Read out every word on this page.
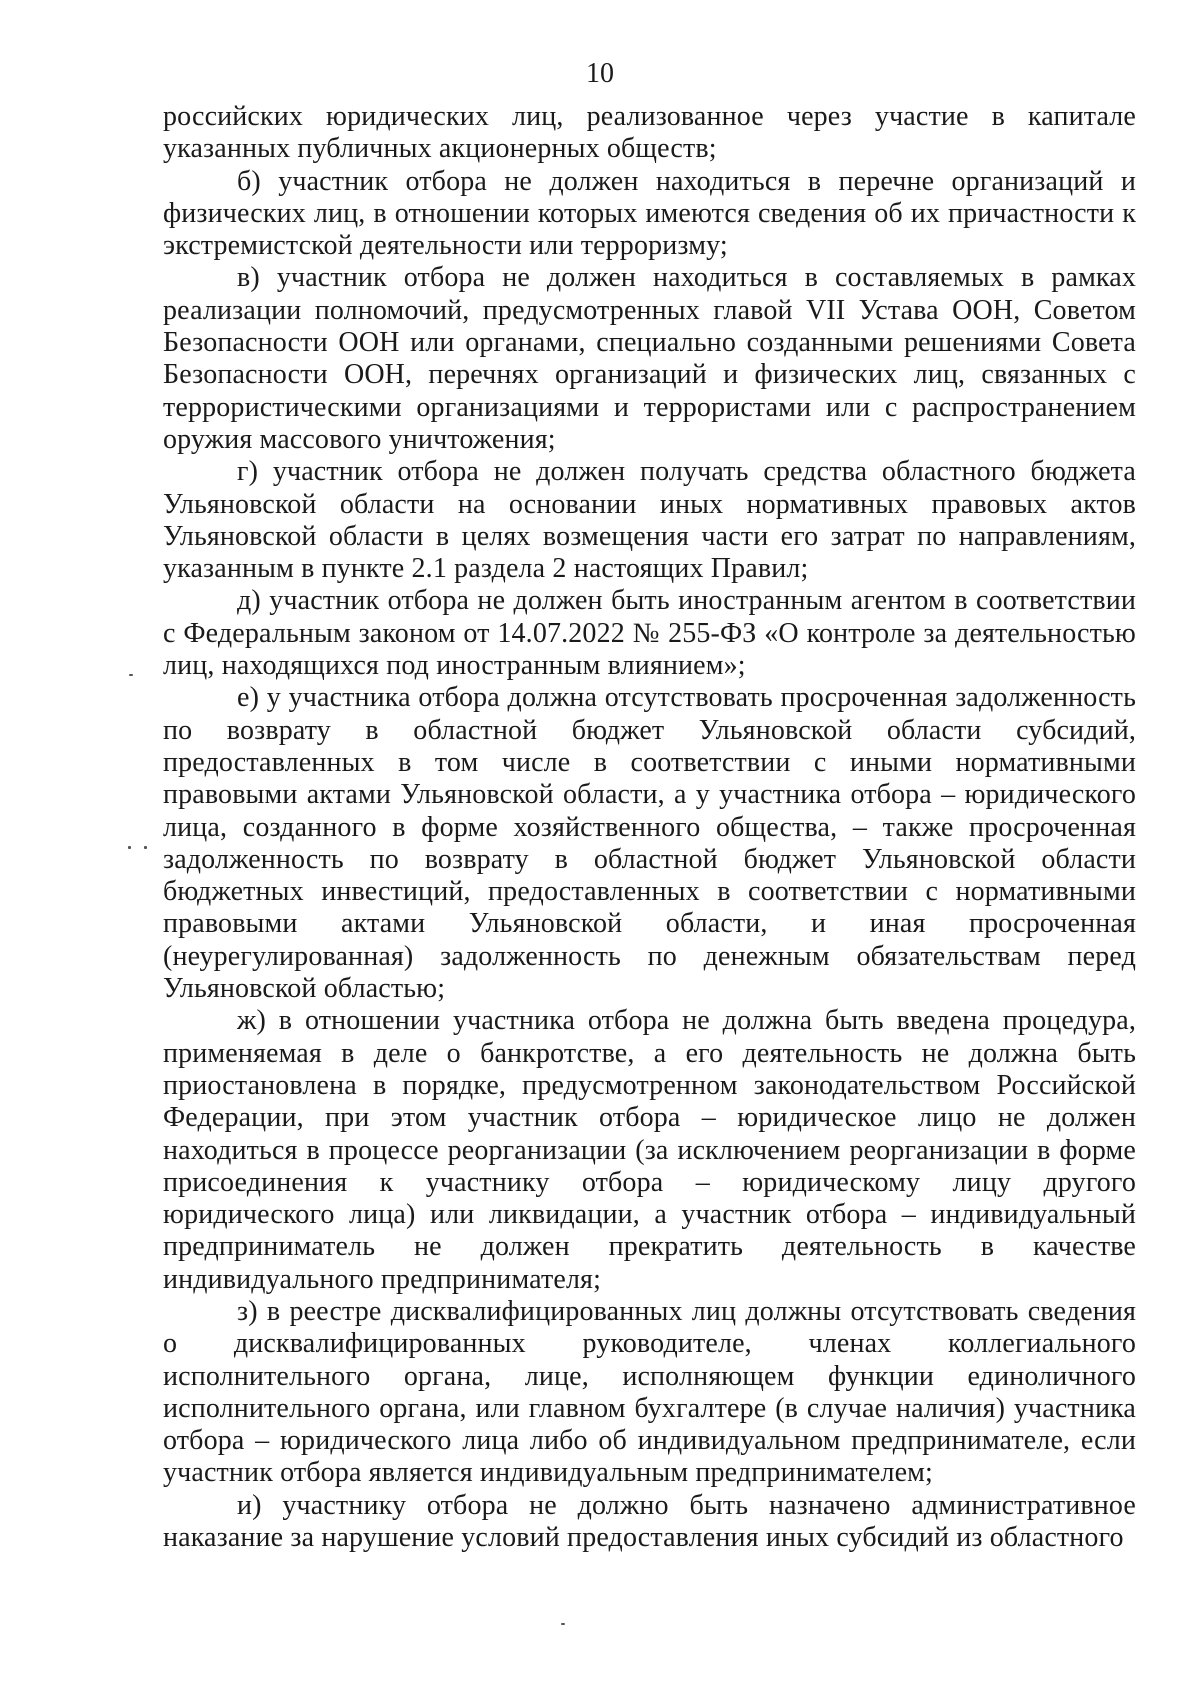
10

российских юридических лиц, реализованное через участие в капитале указанных публичных акционерных обществ;

б) участник отбора не должен находиться в перечне организаций и физических лиц, в отношении которых имеются сведения об их причастности к экстремистской деятельности или терроризму;

в) участник отбора не должен находиться в составляемых в рамках реализации полномочий, предусмотренных главой VII Устава ООН, Советом Безопасности ООН или органами, специально созданными решениями Совета Безопасности ООН, перечнях организаций и физических лиц, связанных с террористическими организациями и террористами или с распространением оружия массового уничтожения;

г) участник отбора не должен получать средства областного бюджета Ульяновской области на основании иных нормативных правовых актов Ульяновской области в целях возмещения части его затрат по направлениям, указанным в пункте 2.1 раздела 2 настоящих Правил;

д) участник отбора не должен быть иностранным агентом в соответствии с Федеральным законом от 14.07.2022 № 255-ФЗ «О контроле за деятельностью лиц, находящихся под иностранным влиянием»;

е) у участника отбора должна отсутствовать просроченная задолженность по возврату в областной бюджет Ульяновской области субсидий, предоставленных в том числе в соответствии с иными нормативными правовыми актами Ульяновской области, а у участника отбора – юридического лица, созданного в форме хозяйственного общества, – также просроченная задолженность по возврату в областной бюджет Ульяновской области бюджетных инвестиций, предоставленных в соответствии с нормативными правовыми актами Ульяновской области, и иная просроченная (неурегулированная) задолженность по денежным обязательствам перед Ульяновской областью;

ж) в отношении участника отбора не должна быть введена процедура, применяемая в деле о банкротстве, а его деятельность не должна быть приостановлена в порядке, предусмотренном законодательством Российской Федерации, при этом участник отбора – юридическое лицо не должен находиться в процессе реорганизации (за исключением реорганизации в форме присоединения к участнику отбора – юридическому лицу другого юридического лица) или ликвидации, а участник отбора – индивидуальный предприниматель не должен прекратить деятельность в качестве индивидуального предпринимателя;

з) в реестре дисквалифицированных лиц должны отсутствовать сведения о дисквалифицированных руководителе, членах коллегиального исполнительного органа, лице, исполняющем функции единоличного исполнительного органа, или главном бухгалтере (в случае наличия) участника отбора – юридического лица либо об индивидуальном предпринимателе, если участник отбора является индивидуальным предпринимателем;

и) участнику отбора не должно быть назначено административное наказание за нарушение условий предоставления иных субсидий из областного
